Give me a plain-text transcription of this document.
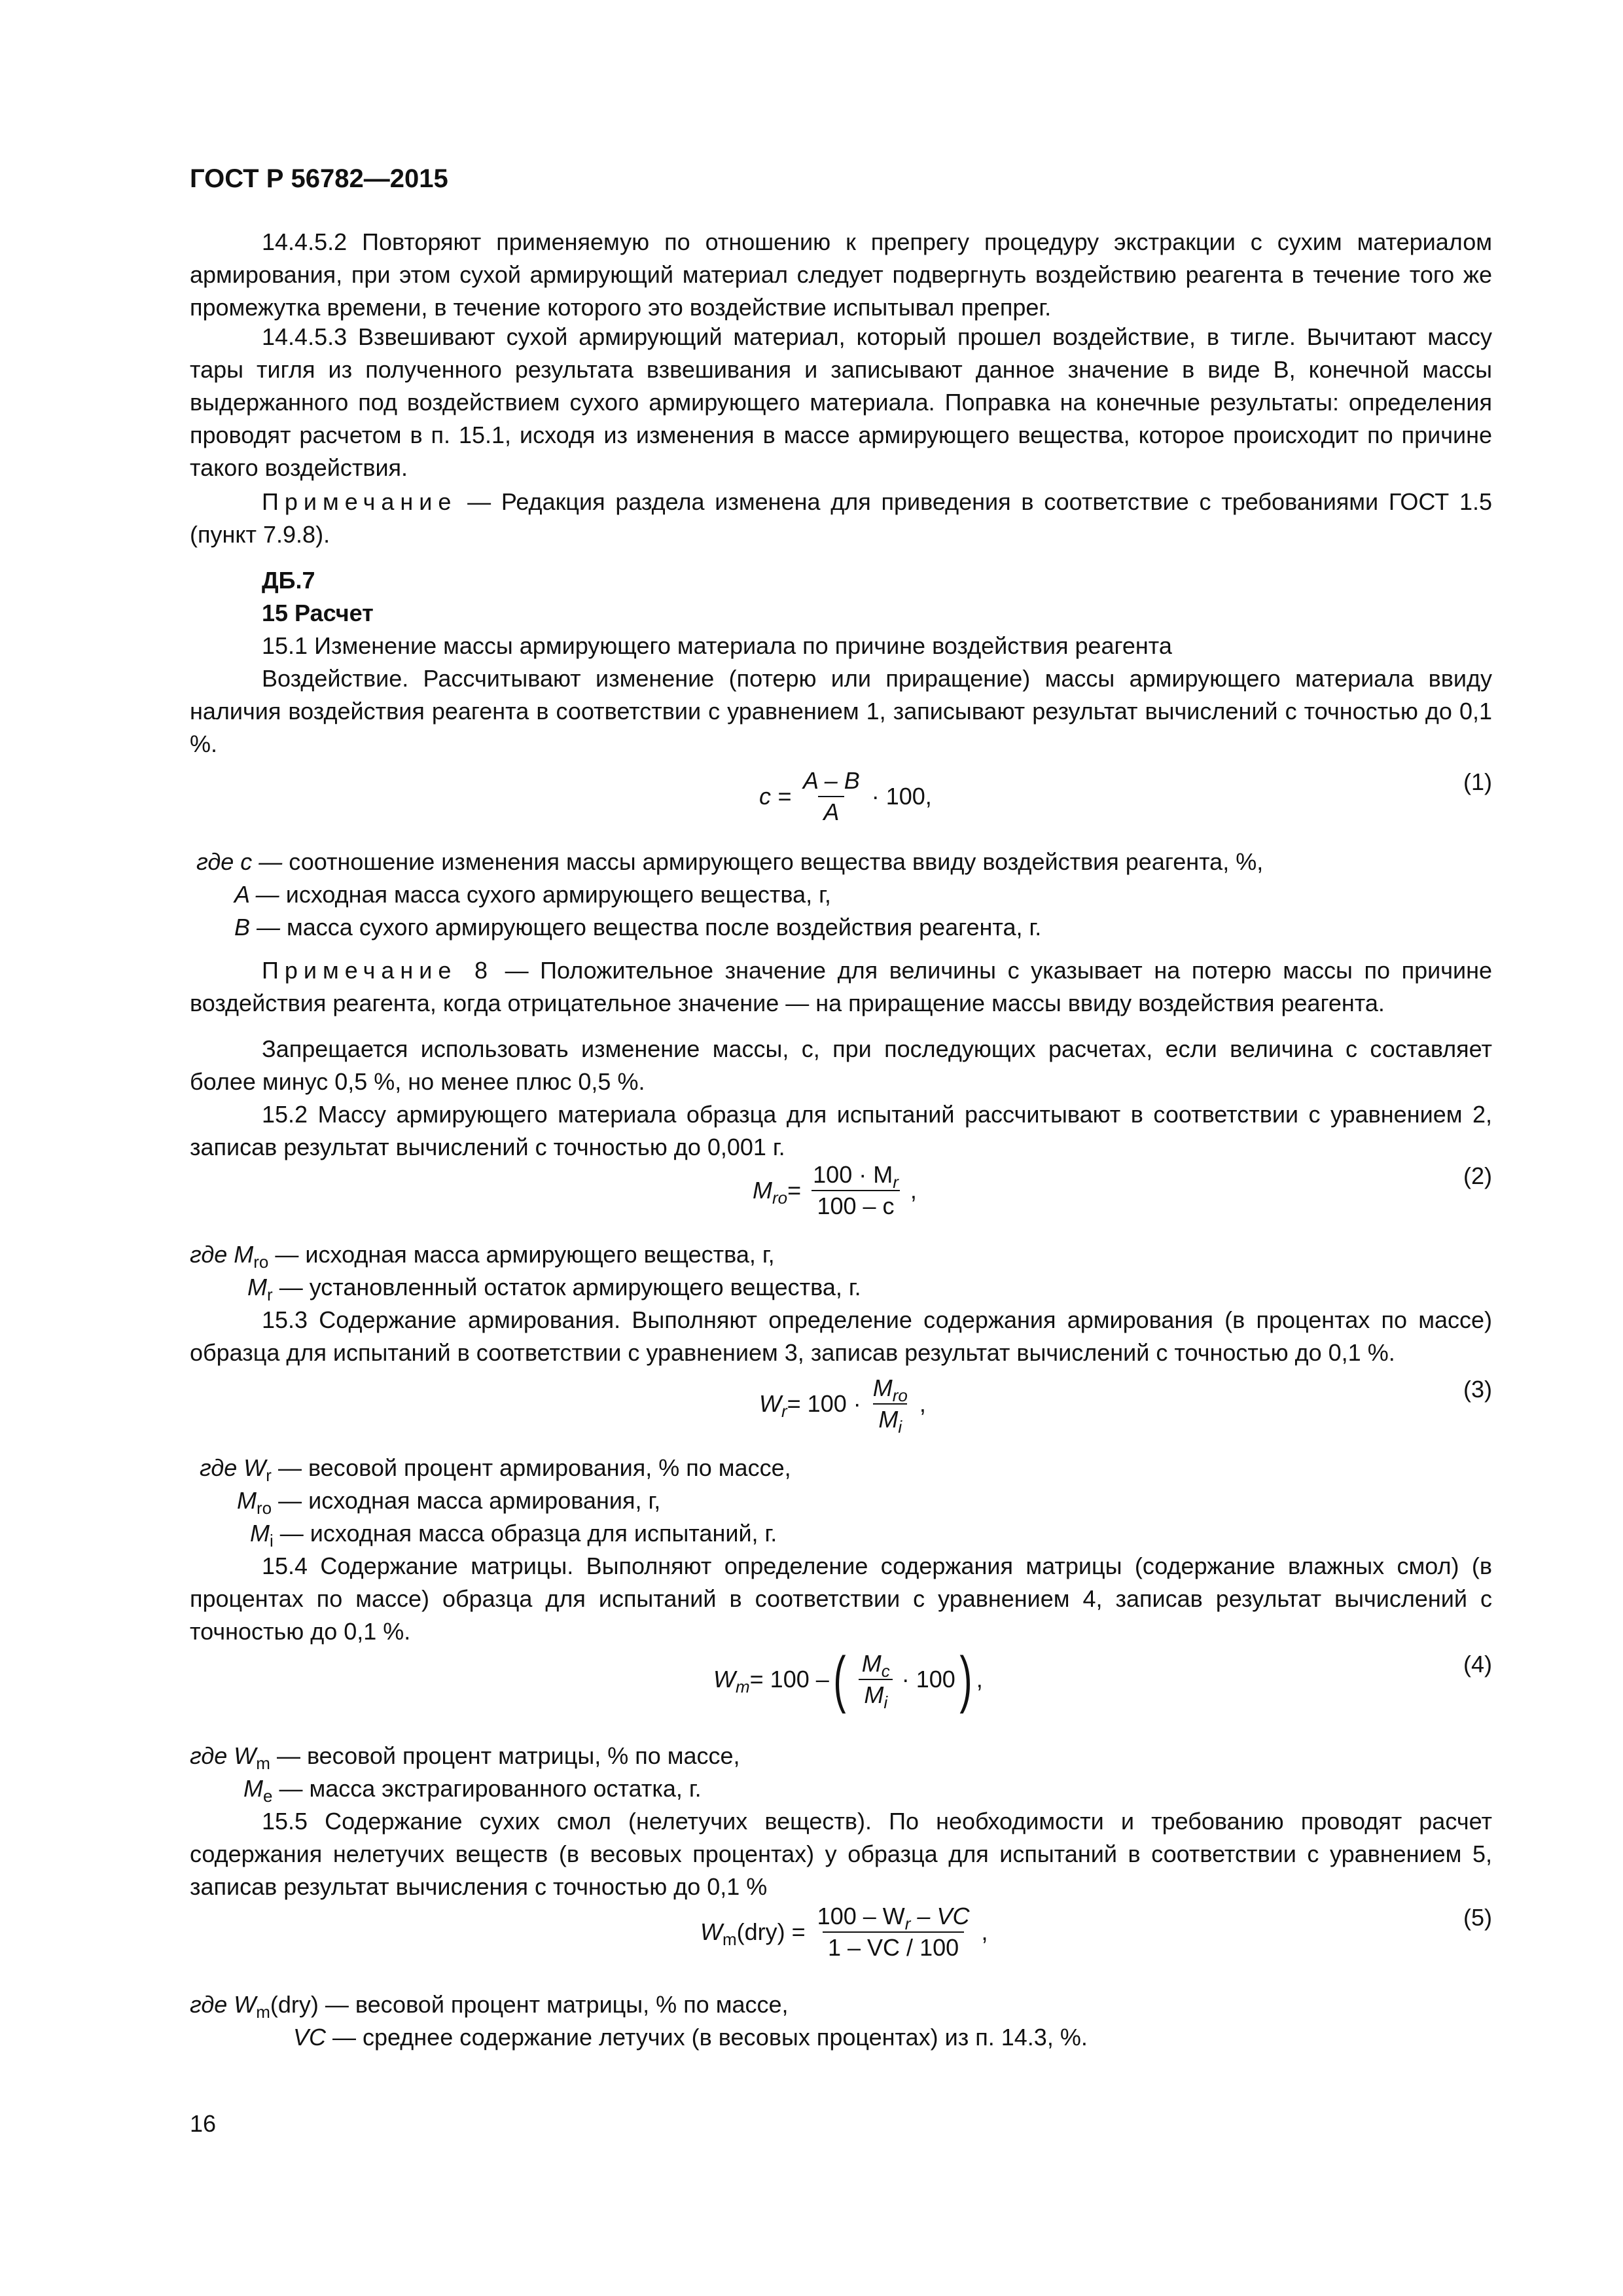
ГОСТ Р 56782—2015
14.4.5.2 Повторяют применяемую по отношению к препрегу процедуру экстракции с сухим материалом армирования, при этом сухой армирующий материал следует подвергнуть воздействию реагента в течение того же промежутка времени, в течение которого это воздействие испытывал препрег.
14.4.5.3 Взвешивают сухой армирующий материал, который прошел воздействие, в тигле. Вычитают массу тары тигля из полученного результата взвешивания и записывают данное значение в виде B, конечной массы выдержанного под воздействием сухого армирующего материала. Поправка на конечные результаты: определения проводят расчетом в п. 15.1, исходя из изменения в массе армирующего вещества, которое происходит по причине такого воздействия.
Примечание — Редакция раздела изменена для приведения в соответствие с требованиями ГОСТ 1.5 (пункт 7.9.8).
ДБ.7
15 Расчет
15.1 Изменение массы армирующего материала по причине воздействия реагента
Воздействие. Рассчитывают изменение (потерю или приращение) массы армирующего материала ввиду наличия воздействия реагента в соответствии с уравнением 1, записывают результат вычислений с точностью до 0,1 %.
$c = \frac{A - B}{A} \cdot 100$,
(1)
где c — соотношение изменения массы армирующего вещества ввиду воздействия реагента, %,
A — исходная масса сухого армирующего вещества, г,
B — масса сухого армирующего вещества после воздействия реагента, г.
Примечание 8 — Положительное значение для величины с указывает на потерю массы по причине воздействия реагента, когда отрицательное значение — на приращение массы ввиду воздействия реагента.
Запрещается использовать изменение массы, c, при последующих расчетах, если величина c составляет более минус 0,5 %, но менее плюс 0,5 %.
15.2 Массу армирующего материала образца для испытаний рассчитывают в соответствии с уравнением 2, записав результат вычислений с точностью до 0,001 г.
$M_{ro} = \frac{100 \cdot M_r}{100 - c}$ ,
(2)
где $M_{ro}$ — исходная масса армирующего вещества, г,
$M_r$ — установленный остаток армирующего вещества, г.
15.3 Содержание армирования. Выполняют определение содержания армирования (в процентах по массе) образца для испытаний в соответствии с уравнением 3, записав результат вычислений с точностью до 0,1 %.
$W_r = 100 \cdot \frac{M_{ro}}{M_i}$ ,
(3)
где $W_r$ — весовой процент армирования, % по массе,
$M_{ro}$ — исходная масса армирования, г,
$M_i$ — исходная масса образца для испытаний, г.
15.4 Содержание матрицы. Выполняют определение содержания матрицы (содержание влажных смол) (в процентах по массе) образца для испытаний в соответствии с уравнением 4, записав результат вычислений с точностью до 0,1 %.
$W_m = 100$ – ( $\frac{M_c}{M_i} \cdot 100$ ) ,
(4)
где $W_m$ — весовой процент матрицы, % по массе,
$M_e$ — масса экстрагированного остатка, г.
15.5 Содержание сухих смол (нелетучих веществ). По необходимости и требованию проводят расчет содержания нелетучих веществ (в весовых процентах) у образца для испытаний в соответствии с уравнением 5, записав результат вычисления с точностью до 0,1 %
$W_m(dry) = \frac{100 - W_r - VC}{1 - VC / 100}$ ,
(5)
где $W_m(dry)$ — весовой процент матрицы, % по массе,
VC — среднее содержание летучих (в весовых процентах) из п. 14.3, %.
16
